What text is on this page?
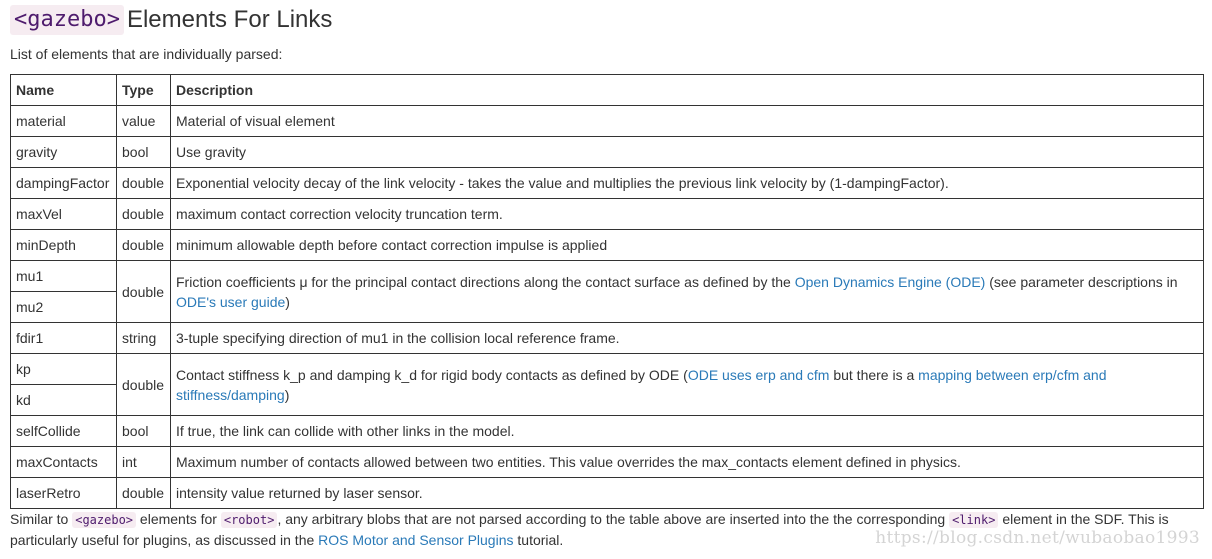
<gazebo> Elements For Links

List of elements that are individually parsed:

Name	Type	Description
material	value	Material of visual element
gravity	bool	Use gravity
dampingFactor	double	Exponential velocity decay of the link velocity - takes the value and multiplies the previous link velocity by (1-dampingFactor).
maxVel	double	maximum contact correction velocity truncation term.
minDepth	double	minimum allowable depth before contact correction impulse is applied
mu1	double	Friction coefficients μ for the principal contact directions along the contact surface as defined by the Open Dynamics Engine (ODE) (see parameter descriptions in ODE's user guide)
mu2		
fdir1	string	3-tuple specifying direction of mu1 in the collision local reference frame.
kp	double	Contact stiffness k_p and damping k_d for rigid body contacts as defined by ODE (ODE uses erp and cfm but there is a mapping between erp/cfm and stiffness/damping)
kd		
selfCollide	bool	If true, the link can collide with other links in the model.
maxContacts	int	Maximum number of contacts allowed between two entities. This value overrides the max_contacts element defined in physics.
laserRetro	double	intensity value returned by laser sensor.

Similar to <gazebo> elements for <robot> , any arbitrary blobs that are not parsed according to the table above are inserted into the the corresponding <link> element in the SDF. This is particularly useful for plugins, as discussed in the ROS Motor and Sensor Plugins tutorial.	https://blog.csdn.net/wubaobao1993
